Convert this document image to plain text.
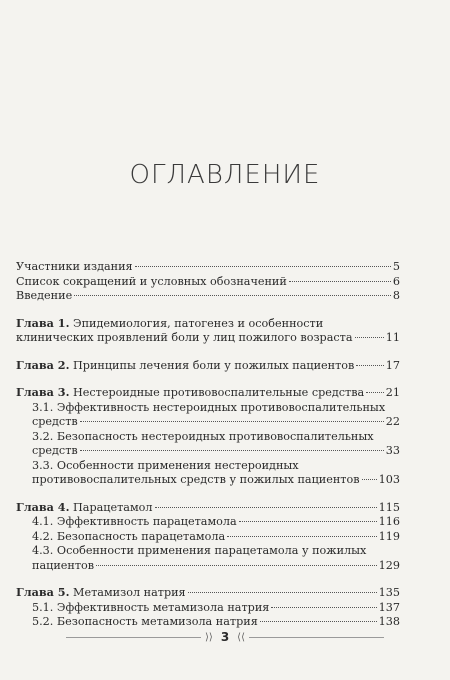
ОГЛАВЛЕНИЕ
Участники издания	5
Список сокращений и условных обозначений	6
Введение	8
Глава 1. Эпидемиология, патогенез и особенности
клинических проявлений боли у лиц пожилого возраста	11
Глава 2. Принципы лечения боли у пожилых пациентов	17
Глава 3. Нестероидные противовоспалительные средства 21
3.1. Эффективность нестероидных противовоспалительных
средств	22
3.2. Безопасность нестероидных противовоспалительных
средств	33
3.3. Особенности применения нестероидных
противовоспалительных средств у пожилых пациентов 103
Глава 4. Парацетамол	115
4.1. Эффективность парацетамола	116
4.2. Безопасность парацетамола	119
4.3. Особенности применения парацетамола у пожилых
пациентов	129
Глава 5. Метамизол натрия	135
5.1. Эффективность метамизола натрия	137
5.2. Безопасность метамизола натрия	138
⟩⟩ 3 ⟨⟨
